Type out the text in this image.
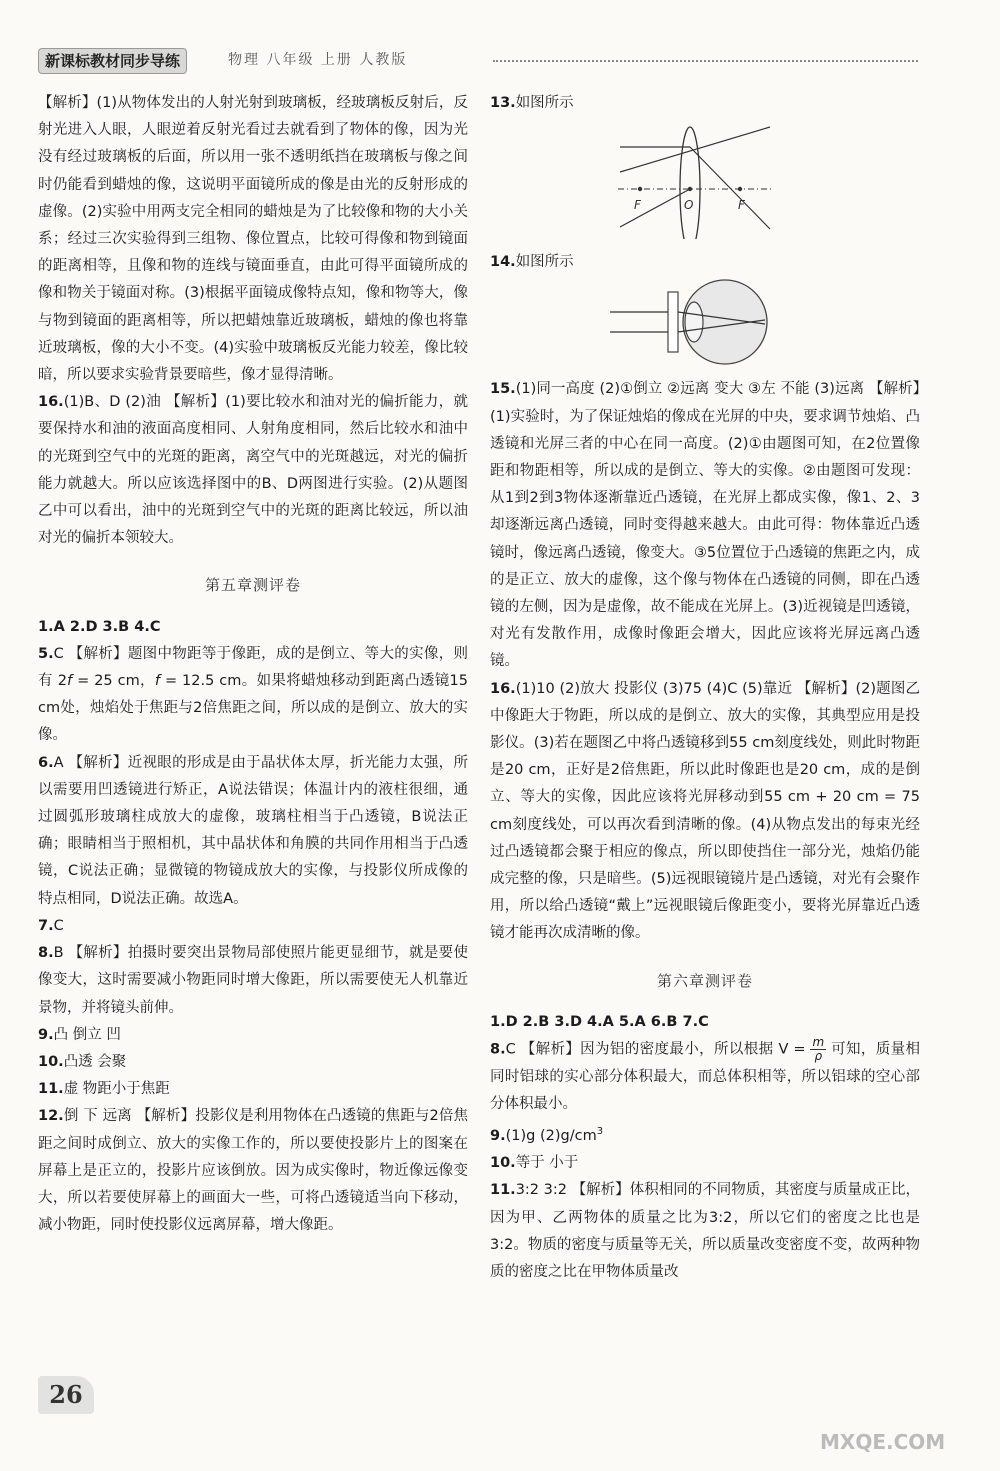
新课标教材同步导练	物理 八年级 上册 人教版

【解析】(1)从物体发出的人射光射到玻璃板，经玻璃板反射后，反射光进入人眼，人眼逆着反射光看过去就看到了物体的像，因为光没有经过玻璃板的后面，所以用一张不透明纸挡在玻璃板与像之间时仍能看到蜡烛的像，这说明平面镜所成的像是由光的反射形成的虚像。(2)实验中用两支完全相同的蜡烛是为了比较像和物的大小关系；经过三次实验得到三组物、像位置点，比较可得像和物到镜面的距离相等，且像和物的连线与镜面垂直，由此可得平面镜所成的像和物关于镜面对称。(3)根据平面镜成像特点知，像和物等大，像与物到镜面的距离相等，所以把蜡烛靠近玻璃板，蜡烛的像也将靠近玻璃板，像的大小不变。(4)实验中玻璃板反光能力较差，像比较暗，所以要求实验背景要暗些，像才显得清晰。

16.(1)B、D (2)油 【解析】(1)要比较水和油对光的偏折能力，就要保持水和油的液面高度相同、人射角度相同，然后比较水和油中的光斑到空气中的光斑的距离，离空气中的光斑越远，对光的偏折能力就越大。所以应该选择图中的B、D两图进行实验。(2)从题图乙中可以看出，油中的光斑到空气中的光斑的距离比较远，所以油对光的偏折本领较大。

第五章测评卷

1.A 2.D 3.B 4.C

5.C 【解析】题图中物距等于像距，成的是倒立、等大的实像，则有 2f = 25 cm，f = 12.5 cm。如果将蜡烛移动到距离凸透镜15 cm处，烛焰处于焦距与2倍焦距之间，所以成的是倒立、放大的实像。

6.A 【解析】近视眼的形成是由于晶状体太厚，折光能力太强，所以需要用凹透镜进行矫正，A说法错误；体温计内的液柱很细，通过圆弧形玻璃柱成放大的虚像，玻璃柱相当于凸透镜，B说法正确；眼睛相当于照相机，其中晶状体和角膜的共同作用相当于凸透镜，C说法正确；显微镜的物镜成放大的实像，与投影仪所成像的特点相同，D说法正确。故选A。

7.C

8.B 【解析】拍摄时要突出景物局部使照片能更显细节，就是要使像变大，这时需要减小物距同时增大像距，所以需要使无人机靠近景物，并将镜头前伸。

9.凸 倒立 凹

10.凸透 会聚

11.虚 物距小于焦距

12.倒 下 远离 【解析】投影仪是利用物体在凸透镜的焦距与2倍焦距之间时成倒立、放大的实像工作的，所以要使投影片上的图案在屏幕上是正立的，投影片应该倒放。因为成实像时，物近像远像变大，所以若要使屏幕上的画面大一些，可将凸透镜适当向下移动，减小物距，同时使投影仪远离屏幕，增大像距。

13.如图所示

F	O	F

14.如图所示

15.(1)同一高度 (2)①倒立 ②远离 变大 ③左 不能 (3)远离 【解析】(1)实验时，为了保证烛焰的像成在光屏的中央，要求调节烛焰、凸透镜和光屏三者的中心在同一高度。(2)①由题图可知，在2位置像距和物距相等，所以成的是倒立、等大的实像。②由题图可发现：从1到2到3物体逐渐靠近凸透镜，在光屏上都成实像，像1、2、3却逐渐远离凸透镜，同时变得越来越大。由此可得：物体靠近凸透镜时，像远离凸透镜，像变大。③5位置位于凸透镜的焦距之内，成的是正立、放大的虚像，这个像与物体在凸透镜的同侧，即在凸透镜的左侧，因为是虚像，故不能成在光屏上。(3)近视镜是凹透镜，对光有发散作用，成像时像距会增大，因此应该将光屏远离凸透镜。

16.(1)10 (2)放大 投影仪 (3)75 (4)C (5)靠近 【解析】(2)题图乙中像距大于物距，所以成的是倒立、放大的实像，其典型应用是投影仪。(3)若在题图乙中将凸透镜移到55 cm刻度线处，则此时物距是20 cm，正好是2倍焦距，所以此时像距也是20 cm，成的是倒立、等大的实像，因此应该将光屏移动到55 cm + 20 cm = 75 cm刻度线处，可以再次看到清晰的像。(4)从物点发出的每束光经过凸透镜都会聚于相应的像点，所以即使挡住一部分光，烛焰仍能成完整的像，只是暗些。(5)远视眼镜镜片是凸透镜，对光有会聚作用，所以给凸透镜“戴上”远视眼镜后像距变小，要将光屏靠近凸透镜才能再次成清晰的像。

第六章测评卷

1.D 2.B 3.D 4.A 5.A 6.B 7.C

8.C 【解析】因为铝的密度最小，所以根据 $V = \frac{m}{\rho}$ 可知，质量相同时铝球的实心部分体积最大，而总体积相等，所以铝球的空心部分体积最小。

9.(1)g $(2)g/cm^3$

10.等于 小于

11.3:2 3:2 【解析】体积相同的不同物质，其密度与质量成正比，因为甲、乙两物体的质量之比为3:2，所以它们的密度之比也是3:2。物质的密度与质量等无关，所以质量改变密度不变，故两种物质的密度之比在甲物体质量改

26
MXQE.COM
